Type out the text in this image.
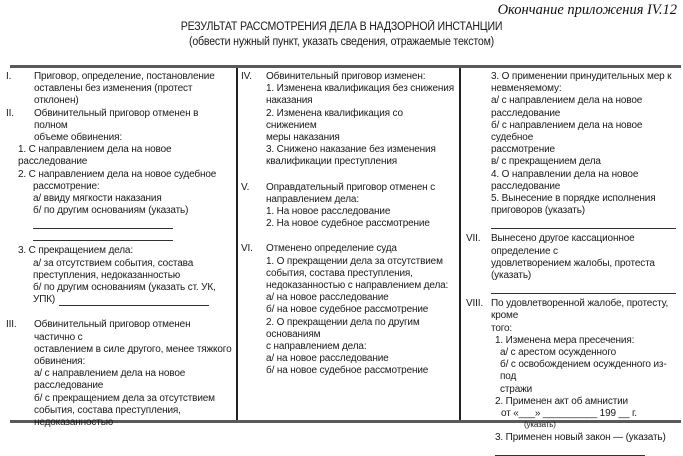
Окончание приложения IV.12
РЕЗУЛЬТАТ РАССМОТРЕНИЯ ДЕЛА В НАДЗОРНОЙ ИНСТАНЦИИ
(обвести нужный пункт, указать сведения, отражаемые текстом)
I.	Приговор, определение, постановление
оставлены без изменения (протест отклонен)
II.	Обвинительный приговор отменен в полном
объеме обвинения:
1. С направлением дела на новое расследование
2. С направлением дела на новое судебное
рассмотрение:
а/ ввиду мягкости наказания
б/ по другим основаниям (указать)
3. С прекращением дела:
а/ за отсутствием события, состава
преступления, недоказанностью
б/ по другим основаниям (указать ст. УК,
УПК)
III.	Обвинительный приговор отменен частично с
оставлением в силе другого, менее тяжкого
обвинения:
а/ с направлением дела на новое
расследование
б/ с прекращением дела за отсутствием
события, состава преступления,
недоказанностью
IV.	Обвинительный приговор изменен:
1. Изменена квалификация без снижения
наказания
2. Изменена квалификация со снижением
меры наказания
3. Снижено наказание без изменения
квалификации преступления
V.	Оправдательный приговор отменен с
направлением дела:
1. На новое расследование
2. На новое судебное рассмотрение
VI.	Отменено определение суда
1. О прекращении дела за отсутствием
события, состава преступления,
недоказанностью с направлением дела:
а/ на новое расследование
б/ на новое судебное рассмотрение
2. О прекращении дела по другим основаниям
с направлением дела:
а/ на новое расследование
б/ на новое судебное рассмотрение
3. О применении принудительных мер к
невменяемому:
а/ с направлением дела на новое
расследование
б/ с направлением дела на новое судебное
рассмотрение
в/ с прекращением дела
4. О направлении дела на новое
расследование
5. Вынесение в порядке исполнения
приговоров (указать)
VII.	Вынесено другое кассационное определение с
удовлетворением жалобы, протеста (указать)
VIII. По удовлетворенной жалобе, протесту, кроме
того:
1. Изменена мера пресечения:
а/ с арестом осужденного
б/ с освобождением осужденного из-под
стражи
2. Применен акт об амнистии
от «___» __________ 199 __ г.
(указать)
3. Применен новый закон — (указать)
